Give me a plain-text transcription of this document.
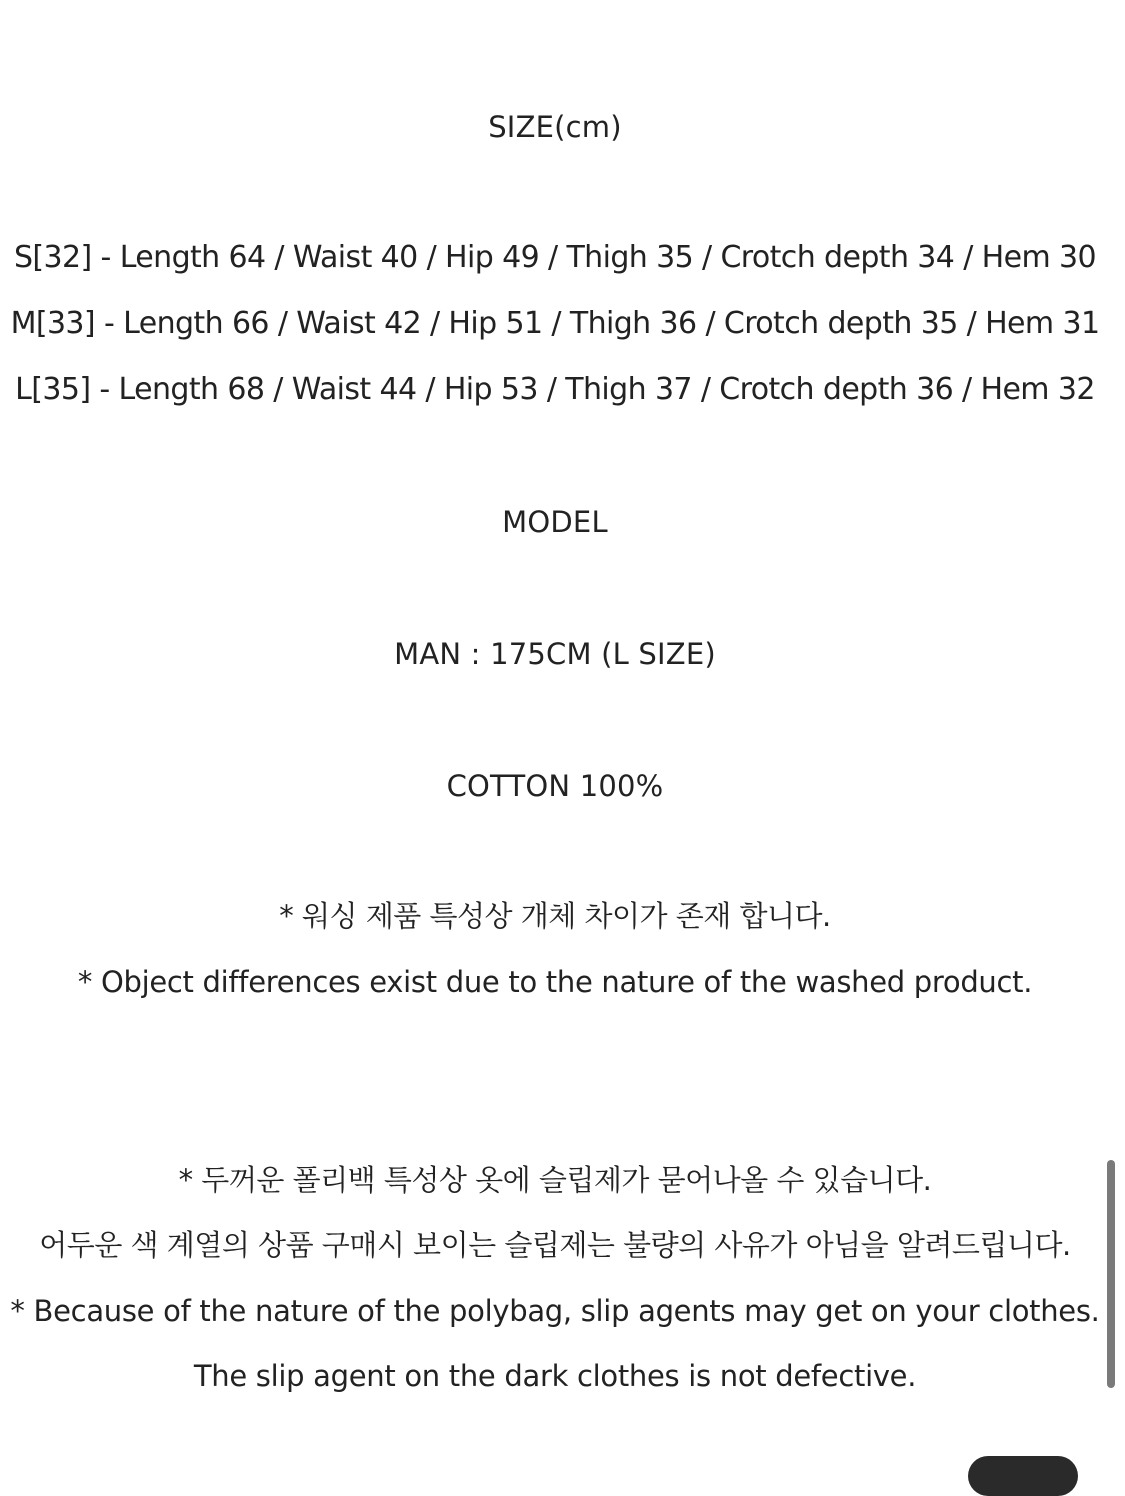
SIZE(cm)
S[32] - Length 64 / Waist 40 / Hip 49 / Thigh 35 / Crotch depth 34 / Hem 30
M[33] - Length 66 / Waist 42 / Hip 51 / Thigh 36 / Crotch depth 35 / Hem 31
L[35] - Length 68 / Waist 44 / Hip 53 / Thigh 37 / Crotch depth 36 / Hem 32
MODEL
MAN : 175CM (L SIZE)
COTTON 100%
* 워싱 제품 특성상 개체 차이가 존재 합니다.
* Object differences exist due to the nature of the washed product.
* 두꺼운 폴리백 특성상 옷에 슬립제가 묻어나올 수 있습니다.
어두운 색 계열의 상품 구매시 보이는 슬립제는 불량의 사유가 아님을 알려드립니다.
* Because of the nature of the polybag, slip agents may get on your clothes.
The slip agent on the dark clothes is not defective.
